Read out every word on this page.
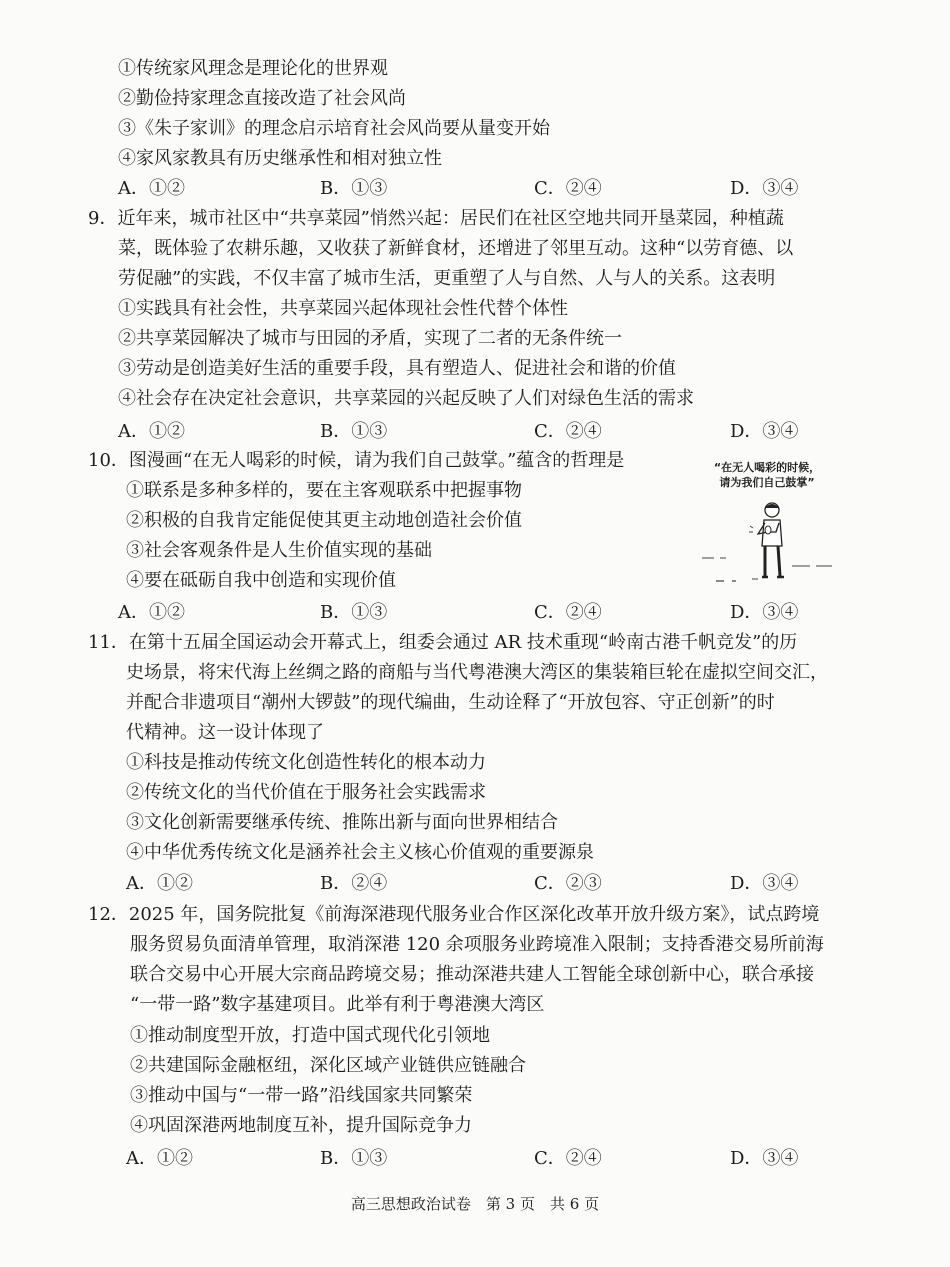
①传统家风理念是理论化的世界观
②勤俭持家理念直接改造了社会风尚
③《朱子家训》的理念启示培育社会风尚要从量变开始
④家风家教具有历史继承性和相对独立性
A．①②	B．①③	C．②④	D．③④
9．近年来，城市社区中“共享菜园”悄然兴起：居民们在社区空地共同开垦菜园，种植蔬
菜，既体验了农耕乐趣，又收获了新鲜食材，还增进了邻里互动。这种“以劳育德、以
劳促融”的实践，不仅丰富了城市生活，更重塑了人与自然、人与人的关系。这表明
①实践具有社会性，共享菜园兴起体现社会性代替个体性
②共享菜园解决了城市与田园的矛盾，实现了二者的无条件统一
③劳动是创造美好生活的重要手段，具有塑造人、促进社会和谐的价值
④社会存在决定社会意识，共享菜园的兴起反映了人们对绿色生活的需求
A．①②	B．①③	C．②④	D．③④
10．图漫画“在无人喝彩的时候，请为我们自己鼓掌。”蕴含的哲理是
①联系是多种多样的，要在主客观联系中把握事物
②积极的自我肯定能促使其更主动地创造社会价值
③社会客观条件是人生价值实现的基础
④要在砥砺自我中创造和实现价值
A．①②	B．①③	C．②④	D．③④
“在无人喝彩的时候，
请为我们自己鼓掌”
11．在第十五届全国运动会开幕式上，组委会通过 AR 技术重现“岭南古港千帆竞发”的历
史场景，将宋代海上丝绸之路的商船与当代粤港澳大湾区的集装箱巨轮在虚拟空间交汇，
并配合非遗项目“潮州大锣鼓”的现代编曲，生动诠释了“开放包容、守正创新”的时
代精神。这一设计体现了
①科技是推动传统文化创造性转化的根本动力
②传统文化的当代价值在于服务社会实践需求
③文化创新需要继承传统、推陈出新与面向世界相结合
④中华优秀传统文化是涵养社会主义核心价值观的重要源泉
A．①②	B．②④	C．②③	D．③④
12．2025 年，国务院批复《前海深港现代服务业合作区深化改革开放升级方案》，试点跨境
服务贸易负面清单管理，取消深港 120 余项服务业跨境准入限制；支持香港交易所前海
联合交易中心开展大宗商品跨境交易；推动深港共建人工智能全球创新中心，联合承接
“一带一路”数字基建项目。此举有利于粤港澳大湾区
①推动制度型开放，打造中国式现代化引领地
②共建国际金融枢纽，深化区域产业链供应链融合
③推动中国与“一带一路”沿线国家共同繁荣
④巩固深港两地制度互补，提升国际竞争力
A．①②	B．①③	C．②④	D．③④
高三思想政治试卷　第 3 页　共 6 页
